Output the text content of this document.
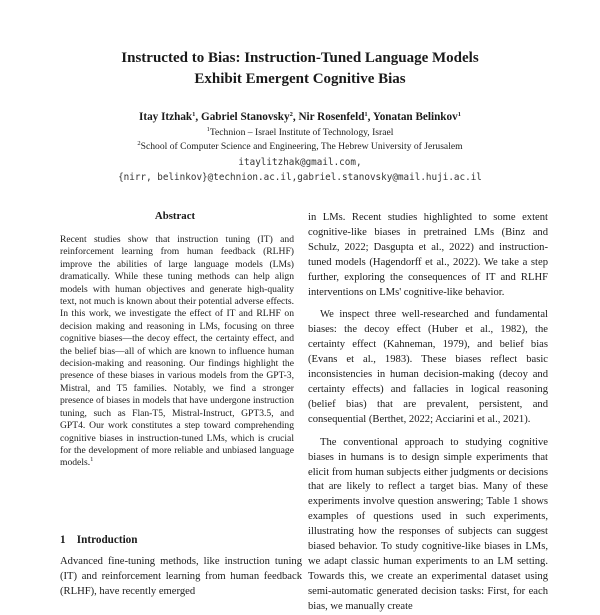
Instructed to Bias: Instruction-Tuned Language Models
Exhibit Emergent Cognitive Bias
Itay Itzhak$^1$, Gabriel Stanovsky$^2$, Nir Rosenfeld$^1$, Yonatan Belinkov$^1$
$^1$Technion – Israel Institute of Technology, Israel
$^2$School of Computer Science and Engineering, The Hebrew University of Jerusalem
itaylitzhak@gmail.com,
{nirr, belinkov}@technion.ac.il,gabriel.stanovsky@mail.huji.ac.il
Abstract

Recent studies show that instruction tuning (IT) and reinforcement learning from human feedback (RLHF) improve the abilities of large language models (LMs) dramatically. While these tuning methods can help align models with human objectives and generate high-quality text, not much is known about their potential adverse effects. In this work, we investigate the effect of IT and RLHF on decision making and reasoning in LMs, focusing on three cognitive biases—the decoy effect, the certainty effect, and the belief bias—all of which are known to influence human decision-making and reasoning. Our findings highlight the presence of these biases in various models from the GPT-3, Mistral, and T5 families. Notably, we find a stronger presence of biases in models that have undergone instruction tuning, such as Flan-T5, Mistral-Instruct, GPT3.5, and GPT4. Our work constitutes a step toward comprehending cognitive biases in instruction-tuned LMs, which is crucial for the development of more reliable and unbiased language models.$^1$

1 Introduction

Advanced fine-tuning methods, like instruction tuning (IT) and reinforcement learning from human feedback (RLHF), have recently emerged

in LMs. Recent studies highlighted to some extent cognitive-like biases in pretrained LMs (Binz and Schulz, 2022; Dasgupta et al., 2022) and instruction-tuned models (Hagendorff et al., 2022). We take a step further, exploring the consequences of IT and RLHF interventions on LMs' cognitive-like behavior.

We inspect three well-researched and fundamental biases: the decoy effect (Huber et al., 1982), the certainty effect (Kahneman, 1979), and belief bias (Evans et al., 1983). These biases reflect basic inconsistencies in human decision-making (decoy and certainty effects) and fallacies in logical reasoning (belief bias) that are prevalent, persistent, and consequential (Berthet, 2022; Acciarini et al., 2021).

The conventional approach to studying cognitive biases in humans is to design simple experiments that elicit from human subjects either judgments or decisions that are likely to reflect a target bias. Many of these experiments involve question answering; Table 1 shows examples of questions used in such experiments, illustrating how the responses of subjects can suggest biased behavior. To study cognitive-like biases in LMs, we adapt classic human experiments to an LM setting. Towards this, we create an experimental dataset using semi-automatic generated decision tasks: First, for each bias, we manually create
